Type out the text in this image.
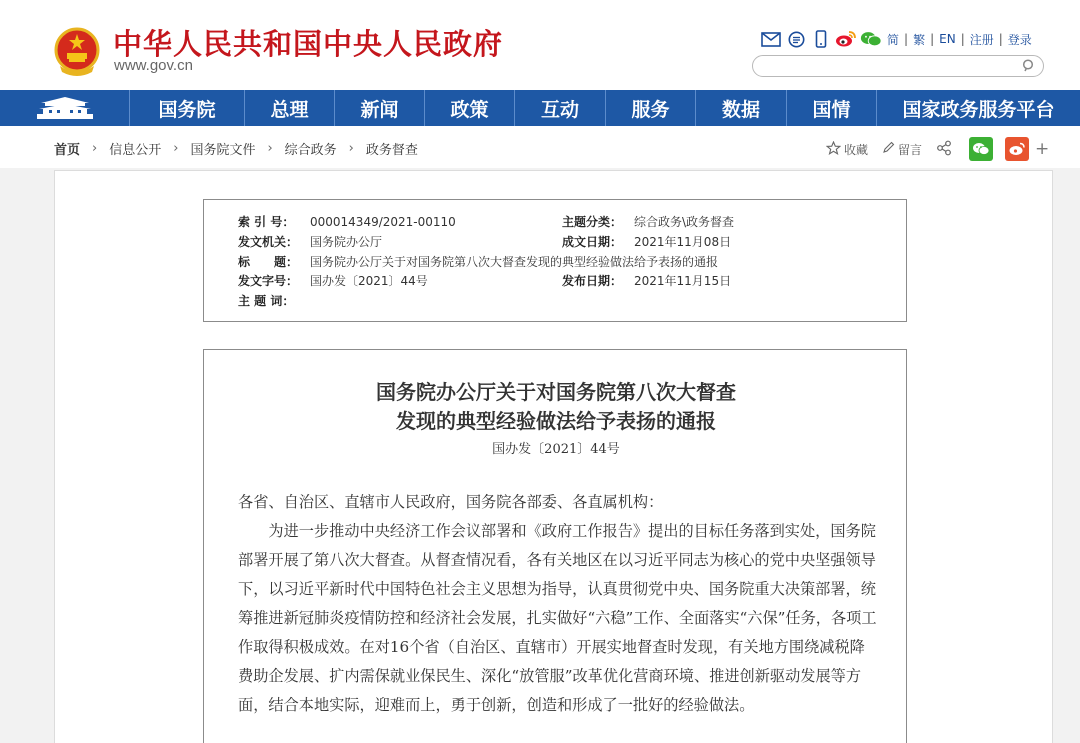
中华人民共和国中央人民政府
www.gov.cn
简 | 繁 | EN | 注册 | 登录
国务院	总理	新闻	政策	互动	服务	数据	国情	国家政务服务平台
首页 › 信息公开 › 国务院文件 › 综合政务 › 政务督查	收藏	留言	+
索 引 号： 000014349/2021-00110	主题分类： 综合政务\政务督查
发文机关： 国务院办公厅	成文日期： 2021年11月08日
标　　题： 国务院办公厅关于对国务院第八次大督查发现的典型经验做法给予表扬的通报
发文字号： 国办发〔2021〕44号	发布日期： 2021年11月15日
主 题 词：
国务院办公厅关于对国务院第八次大督查
发现的典型经验做法给予表扬的通报
国办发〔2021〕44号

各省、自治区、直辖市人民政府，国务院各部委、各直属机构：

为进一步推动中央经济工作会议部署和《政府工作报告》提出的目标任务落到实处，国务院部署开展了第八次大督查。从督查情况看，各有关地区在以习近平同志为核心的党中央坚强领导下，以习近平新时代中国特色社会主义思想为指导，认真贯彻党中央、国务院重大决策部署，统筹推进新冠肺炎疫情防控和经济社会发展，扎实做好“六稳”工作、全面落实“六保”任务，各项工作取得积极成效。在对16个省（自治区、直辖市）开展实地督查时发现，有关地方围绕减税降费助企发展、扩内需保就业保民生、深化“放管服”改革优化营商环境、推进创新驱动发展等方面，结合本地实际，迎难而上，勇于创新，创造和形成了一批好的经验做法。
